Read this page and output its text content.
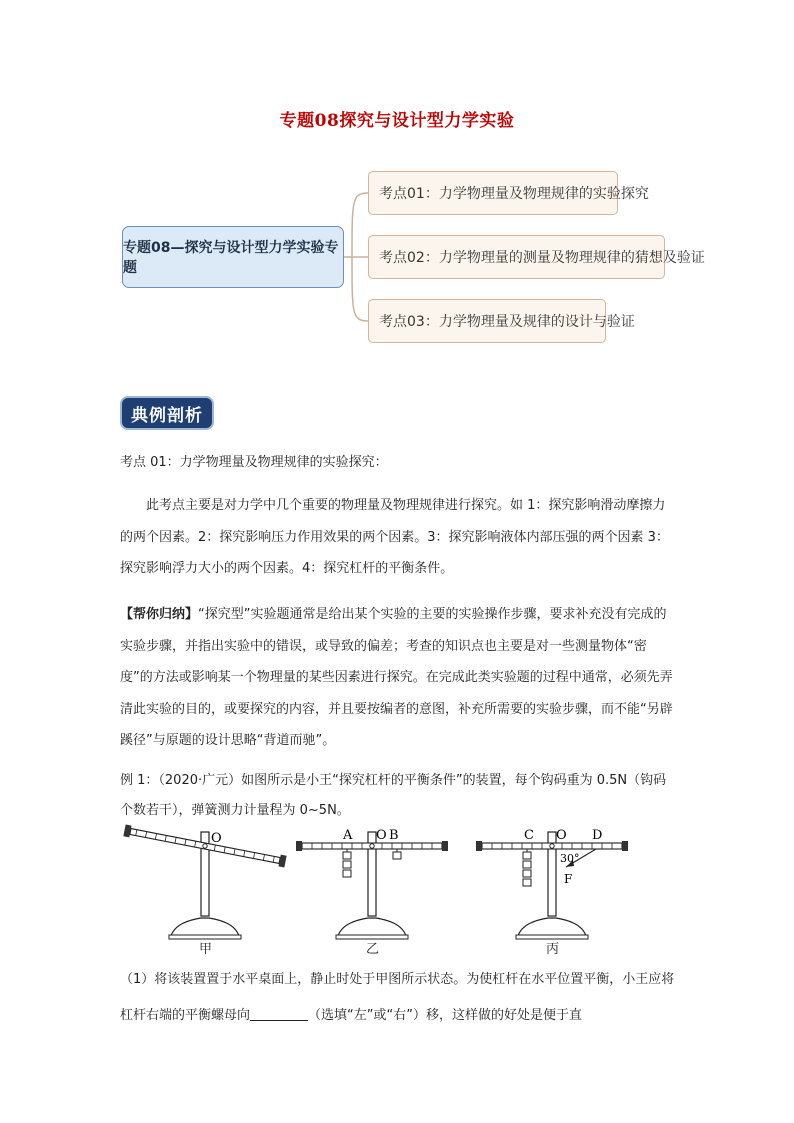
专题08探究与设计型力学实验
专题08—探究与设计型力学实验专题
考点01：力学物理量及物理规律的实验探究
考点02：力学物理量的测量及物理规律的猜想及验证
考点03：力学物理量及规律的设计与验证
典例剖析
考点 01：力学物理量及物理规律的实验探究：
此考点主要是对力学中几个重要的物理量及物理规律进行探究。如 1：探究影响滑动摩擦力的两个因素。2：探究影响压力作用效果的两个因素。3：探究影响液体内部压强的两个因素 3：探究影响浮力大小的两个因素。4：探究杠杆的平衡条件。
【帮你归纳】“探究型”实验题通常是给出某个实验的主要的实验操作步骤，要求补充没有完成的实验步骤，并指出实验中的错误，或导致的偏差；考查的知识点也主要是对一些测量物体“密度”的方法或影响某一个物理量的某些因素进行探究。在完成此类实验题的过程中通常，必须先弄清此实验的目的，或要探究的内容，并且要按编者的意图，补充所需要的实验步骤，而不能“另辟蹊径”与原题的设计思略“背道而驰”。
例 1：（2020·广元）如图所示是小王“探究杠杆的平衡条件”的装置，每个钩码重为 0.5N（钩码个数若干），弹簧测力计量程为 0~5N。
O	A O B	C O D
30°
F
甲	乙	丙
（1）将该装置置于水平桌面上，静止时处于甲图所示状态。为使杠杆在水平位置平衡，小王应将杠杆右端的平衡螺母向	（选填“左”或“右”）移，这样做的好处是便于直
